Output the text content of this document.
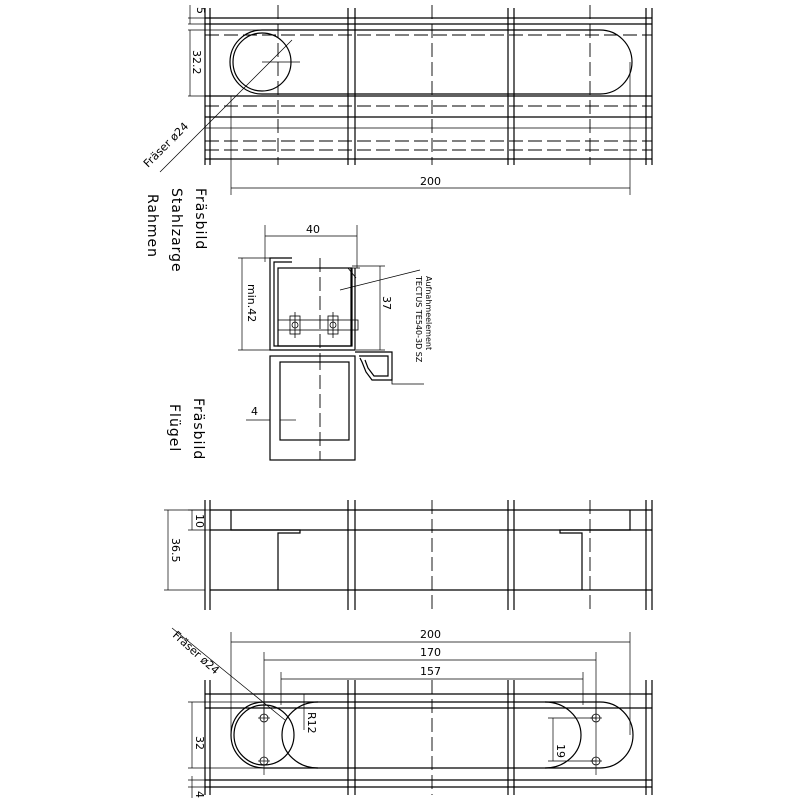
Fräser ø24
5
32.2
200
Fräsbild
Stahlzarge
Rahmen
Fräsbild
Flügel
40
min.42	37	Aufnahmeelement
TECTUS TE540-3D SZ
4
10
36.5
Fräser ø24	200
170
157
R12
32
19
4
